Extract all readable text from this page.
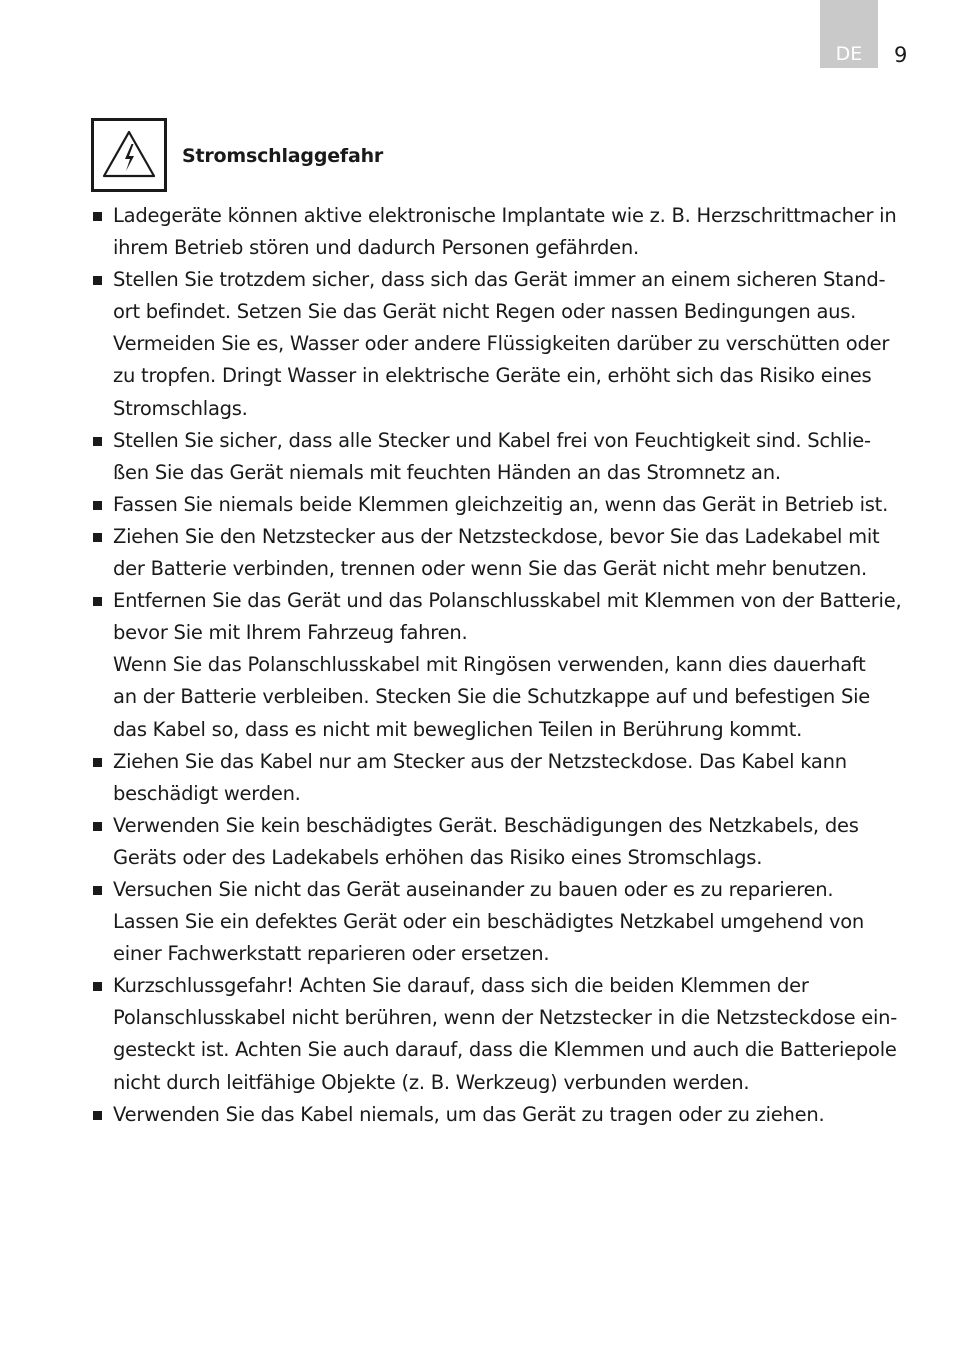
DE	9
Stromschlaggefahr
Ladegeräte können aktive elektronische Implantate wie z. B. Herzschrittmacher in
ihrem Betrieb stören und dadurch Personen gefährden.
Stellen Sie trotzdem sicher, dass sich das Gerät immer an einem sicheren Stand-
ort befindet. Setzen Sie das Gerät nicht Regen oder nassen Bedingungen aus.
Vermeiden Sie es, Wasser oder andere Flüssigkeiten darüber zu verschütten oder
zu tropfen. Dringt Wasser in elektrische Geräte ein, erhöht sich das Risiko eines
Stromschlags.
Stellen Sie sicher, dass alle Stecker und Kabel frei von Feuchtigkeit sind. Schlie-
ßen Sie das Gerät niemals mit feuchten Händen an das Stromnetz an.
Fassen Sie niemals beide Klemmen gleichzeitig an, wenn das Gerät in Betrieb ist.
Ziehen Sie den Netzstecker aus der Netzsteckdose, bevor Sie das Ladekabel mit
der Batterie verbinden, trennen oder wenn Sie das Gerät nicht mehr benutzen.
Entfernen Sie das Gerät und das Polanschlusskabel mit Klemmen von der Batterie,
bevor Sie mit Ihrem Fahrzeug fahren.
Wenn Sie das Polanschlusskabel mit Ringösen verwenden, kann dies dauerhaft
an der Batterie verbleiben. Stecken Sie die Schutzkappe auf und befestigen Sie
das Kabel so, dass es nicht mit beweglichen Teilen in Berührung kommt.
Ziehen Sie das Kabel nur am Stecker aus der Netzsteckdose. Das Kabel kann
beschädigt werden.
Verwenden Sie kein beschädigtes Gerät. Beschädigungen des Netzkabels, des
Geräts oder des Ladekabels erhöhen das Risiko eines Stromschlags.
Versuchen Sie nicht das Gerät auseinander zu bauen oder es zu reparieren.
Lassen Sie ein defektes Gerät oder ein beschädigtes Netzkabel umgehend von
einer Fachwerkstatt reparieren oder ersetzen.
Kurzschlussgefahr! Achten Sie darauf, dass sich die beiden Klemmen der
Polanschlusskabel nicht berühren, wenn der Netzstecker in die Netzsteckdose ein-
gesteckt ist. Achten Sie auch darauf, dass die Klemmen und auch die Batteriepole
nicht durch leitfähige Objekte (z. B. Werkzeug) verbunden werden.
Verwenden Sie das Kabel niemals, um das Gerät zu tragen oder zu ziehen.
